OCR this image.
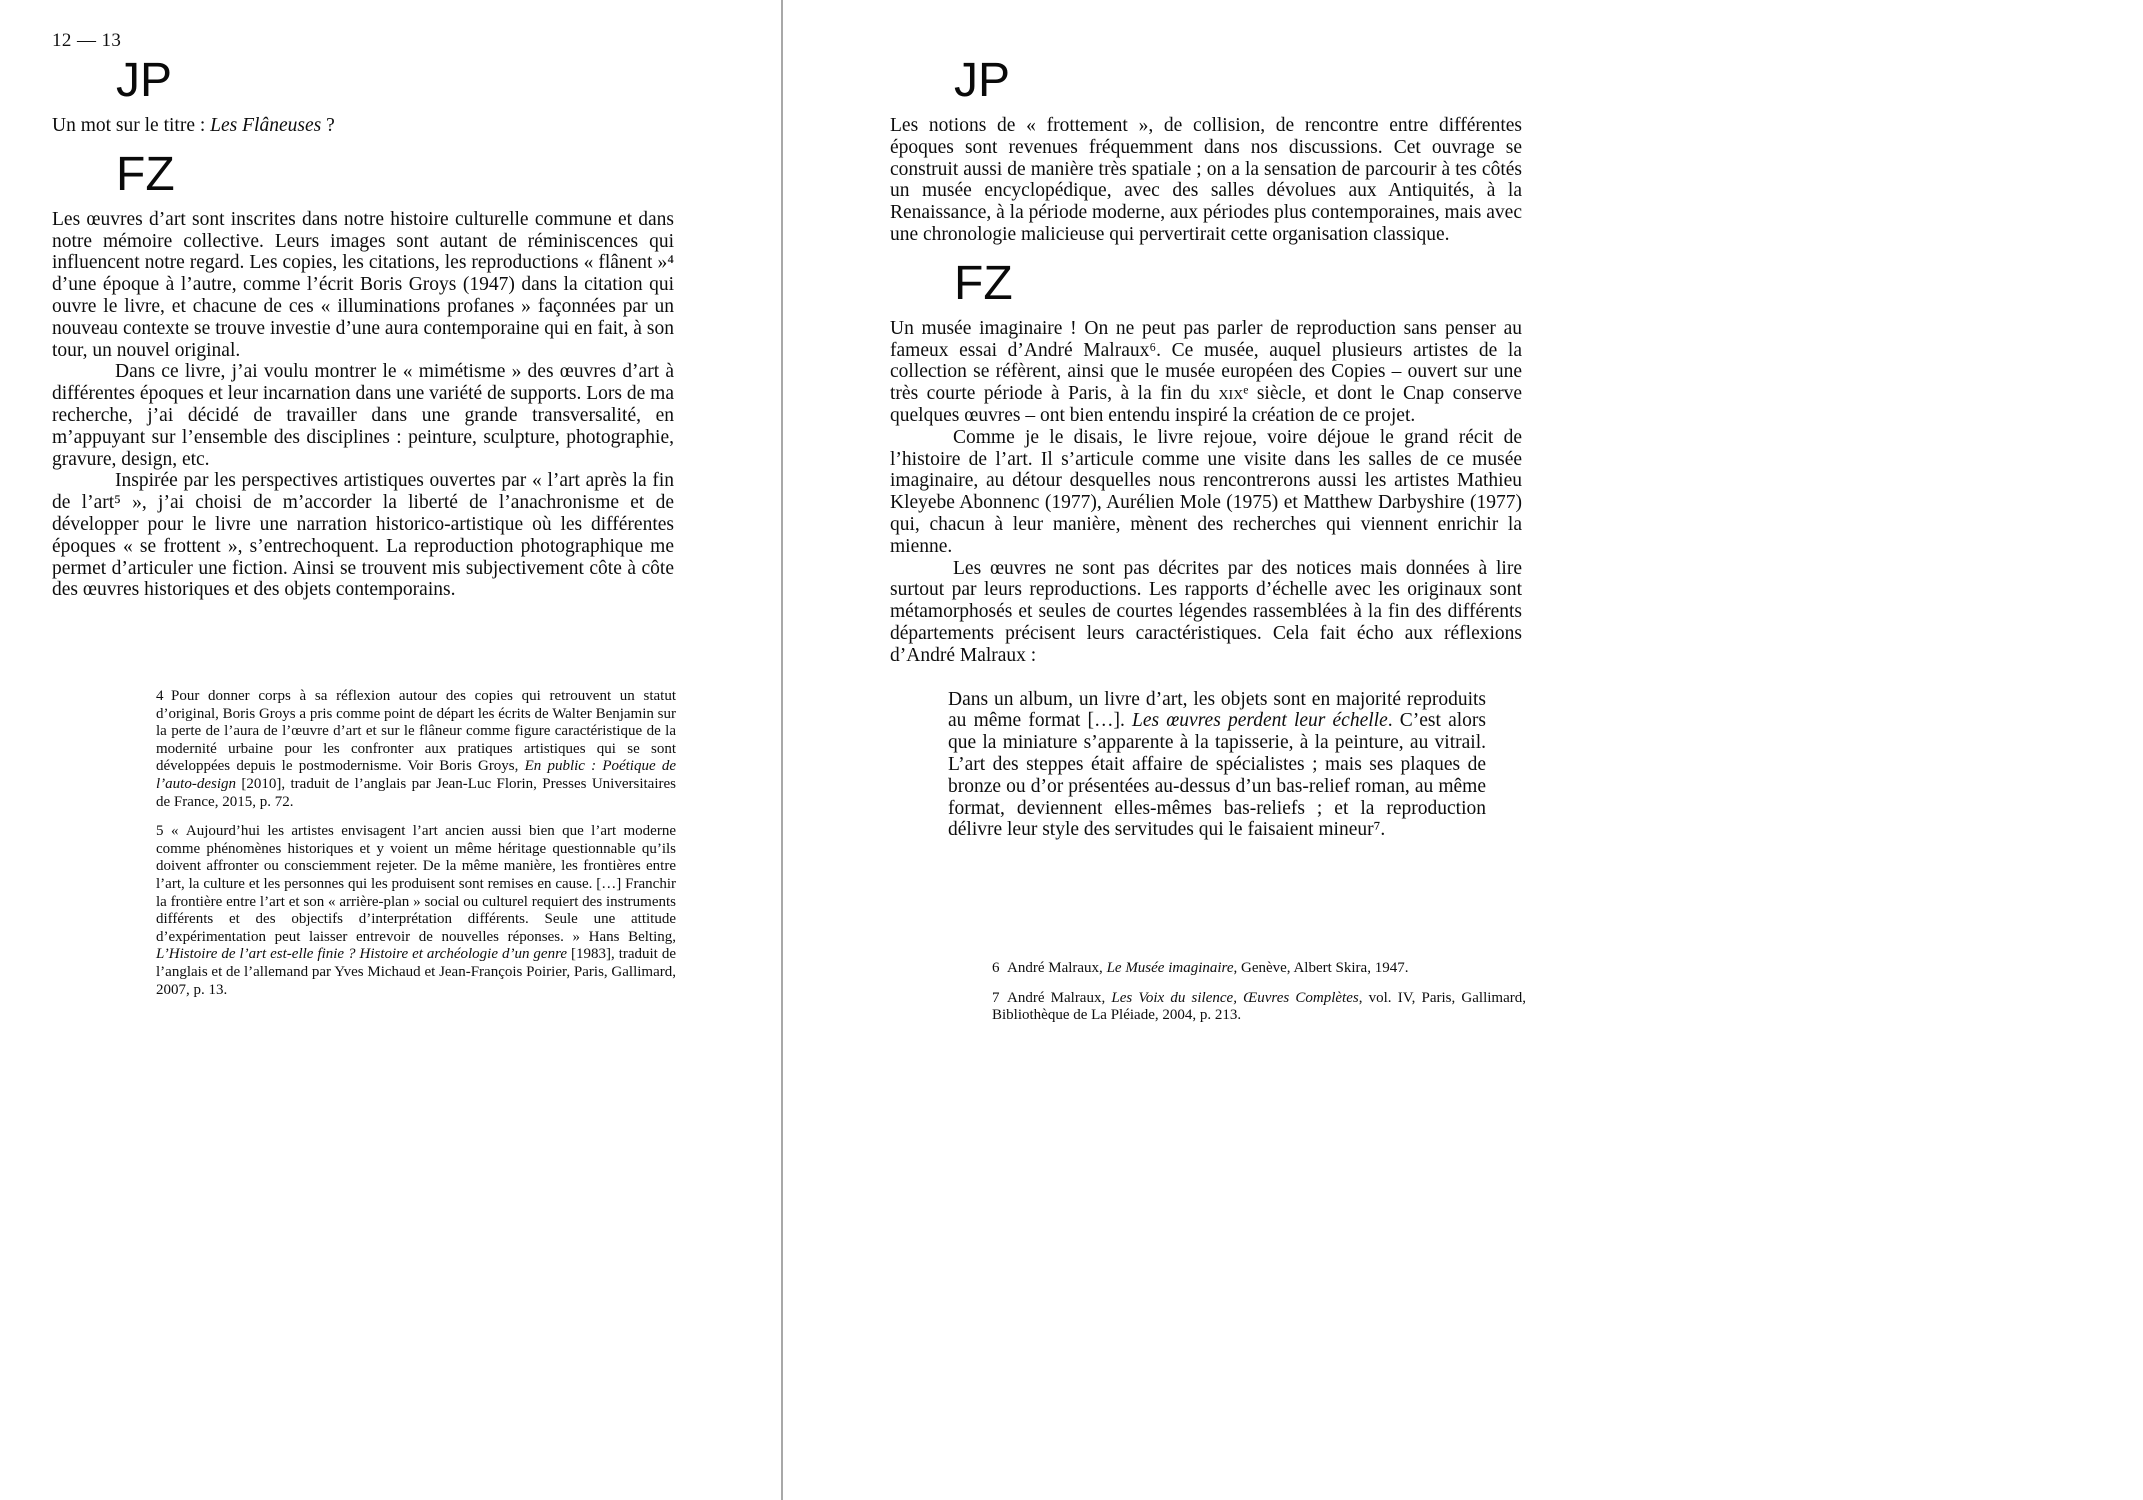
12 — 13
JP

Un mot sur le titre : Les Flâneuses ?

FZ

Les œuvres d’art sont inscrites dans notre histoire culturelle commune et dans notre mémoire collective. Leurs images sont autant de réminiscences qui influencent notre regard. Les copies, les citations, les reproductions « flânent »⁴ d’une époque à l’autre, comme l’écrit Boris Groys (1947) dans la citation qui ouvre le livre, et chacune de ces « illuminations profanes » façonnées par un nouveau contexte se trouve investie d’une aura contemporaine qui en fait, à son tour, un nouvel original.

Dans ce livre, j’ai voulu montrer le « mimétisme » des œuvres d’art à différentes époques et leur incarnation dans une variété de supports. Lors de ma recherche, j’ai décidé de travailler dans une grande transversalité, en m’appuyant sur l’ensemble des disciplines : peinture, sculpture, photographie, gravure, design, etc.

Inspirée par les perspectives artistiques ouvertes par « l’art après la fin de l’art⁵ », j’ai choisi de m’accorder la liberté de l’anachronisme et de développer pour le livre une narration historico-artistique où les différentes époques « se frottent », s’entrechoquent. La reproduction photographique me permet d’articuler une fiction. Ainsi se trouvent mis subjectivement côte à côte des œuvres historiques et des objets contemporains.

4 Pour donner corps à sa réflexion autour des copies qui retrouvent un statut d’original, Boris Groys a pris comme point de départ les écrits de Walter Benjamin sur la perte de l’aura de l’œuvre d’art et sur le flâneur comme figure caractéristique de la modernité urbaine pour les confronter aux pratiques artistiques qui se sont développées depuis le postmodernisme. Voir Boris Groys, En public : Poétique de l’auto-design [2010], traduit de l’anglais par Jean-Luc Florin, Presses Universitaires de France, 2015, p. 72.

5 « Aujourd’hui les artistes envisagent l’art ancien aussi bien que l’art moderne comme phénomènes historiques et y voient un même héritage questionnable qu’ils doivent affronter ou consciemment rejeter. De la même manière, les frontières entre l’art, la culture et les personnes qui les produisent sont remises en cause. […] Franchir la frontière entre l’art et son « arrière-plan » social ou culturel requiert des instruments différents et des objectifs d’interprétation différents. Seule une attitude d’expérimentation peut laisser entrevoir de nouvelles réponses. » Hans Belting, L’Histoire de l’art est-elle finie ? Histoire et archéologie d’un genre [1983], traduit de l’anglais et de l’allemand par Yves Michaud et Jean-François Poirier, Paris, Gallimard, 2007, p. 13.

JP

Les notions de « frottement », de collision, de rencontre entre différentes époques sont revenues fréquemment dans nos discussions. Cet ouvrage se construit aussi de manière très spatiale ; on a la sensation de parcourir à tes côtés un musée encyclopédique, avec des salles dévolues aux Antiquités, à la Renaissance, à la période moderne, aux périodes plus contemporaines, mais avec une chronologie malicieuse qui pervertirait cette organisation classique.

FZ

Un musée imaginaire ! On ne peut pas parler de reproduction sans penser au fameux essai d’André Malraux⁶. Ce musée, auquel plusieurs artistes de la collection se réfèrent, ainsi que le musée européen des Copies – ouvert sur une très courte période à Paris, à la fin du xixᵉ siècle, et dont le Cnap conserve quelques œuvres – ont bien entendu inspiré la création de ce projet.

Comme je le disais, le livre rejoue, voire déjoue le grand récit de l’histoire de l’art. Il s’articule comme une visite dans les salles de ce musée imaginaire, au détour desquelles nous rencontrerons aussi les artistes Mathieu Kleyebe Abonnenc (1977), Aurélien Mole (1975) et Matthew Darbyshire (1977) qui, chacun à leur manière, mènent des recherches qui viennent enrichir la mienne.

Les œuvres ne sont pas décrites par des notices mais données à lire surtout par leurs reproductions. Les rapports d’échelle avec les originaux sont métamorphosés et seules de courtes légendes rassemblées à la fin des différents départements précisent leurs caractéristiques. Cela fait écho aux réflexions d’André Malraux :

Dans un album, un livre d’art, les objets sont en majorité reproduits au même format […]. Les œuvres perdent leur échelle. C’est alors que la miniature s’apparente à la tapisserie, à la peinture, au vitrail. L’art des steppes était affaire de spécialistes ; mais ses plaques de bronze ou d’or présentées au-dessus d’un bas-relief roman, au même format, deviennent elles-mêmes bas-reliefs ; et la reproduction délivre leur style des servitudes qui le faisaient mineur⁷.

6 André Malraux, Le Musée imaginaire, Genève, Albert Skira, 1947.

7 André Malraux, Les Voix du silence, Œuvres Complètes, vol. IV, Paris, Gallimard, Bibliothèque de La Pléiade, 2004, p. 213.
